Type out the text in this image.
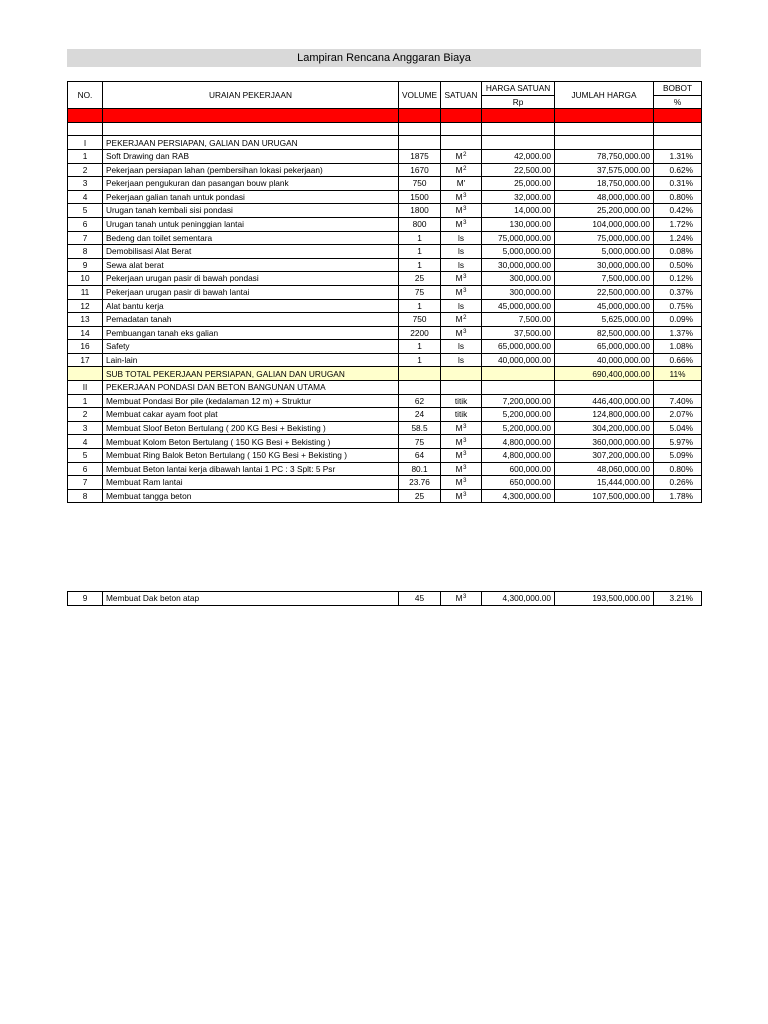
Lampiran Rencana Anggaran Biaya
NO.	URAIAN PEKERJAAN	VOLUME	SATUAN	HARGA SATUAN	JUMLAH HARGA	BOBOT
				Rp		%

I	PEKERJAAN PERSIAPAN, GALIAN DAN URUGAN					
1	Soft Drawing dan RAB	1875	$M^2$	42,000.00	78,750,000.00	1.31%
2	Pekerjaan persiapan lahan (pembersihan lokasi pekerjaan)	1670	$M^2$	22,500.00	37,575,000.00	0.62%
3	Pekerjaan pengukuran dan pasangan bouw plank	750	M'	25,000.00	18,750,000.00	0.31%
4	Pekerjaan galian tanah untuk pondasi	1500	$M^3$	32,000.00	48,000,000.00	0.80%
5	Urugan tanah kembali sisi pondasi	1800	$M^3$	14,000.00	25,200,000.00	0.42%
6	Urugan tanah untuk peninggian lantai	800	$M^3$	130,000.00	104,000,000.00	1.72%
7	Bedeng dan toilet sementara	1	ls	75,000,000.00	75,000,000.00	1.24%
8	Demobilisasi Alat Berat	1	ls	5,000,000.00	5,000,000.00	0.08%
9	Sewa alat berat	1	ls	30,000,000.00	30,000,000.00	0.50%
10	Pekerjaan urugan pasir di bawah pondasi	25	$M^3$	300,000.00	7,500,000.00	0.12%
11	Pekerjaan urugan pasir di bawah lantai	75	$M^3$	300,000.00	22,500,000.00	0.37%
12	Alat bantu kerja	1	ls	45,000,000.00	45,000,000.00	0.75%
13	Pemadatan tanah	750	$M^2$	7,500.00	5,625,000.00	0.09%
14	Pembuangan tanah eks galian	2200	$M^3$	37,500.00	82,500,000.00	1.37%
16	Safety	1	ls	65,000,000.00	65,000,000.00	1.08%
17	Lain-lain	1	ls	40,000,000.00	40,000,000.00	0.66%
	SUB TOTAL PEKERJAAN PERSIAPAN, GALIAN DAN URUGAN				690,400,000.00	11%
II	PEKERJAAN PONDASI DAN BETON BANGUNAN UTAMA					
1	Membuat Pondasi Bor pile (kedalaman 12 m) + Struktur	62	titik	7,200,000.00	446,400,000.00	7.40%
2	Membuat cakar ayam foot plat	24	titik	5,200,000.00	124,800,000.00	2.07%
3	Membuat Sloof Beton Bertulang ( 200 KG Besi + Bekisting )	58.5	$M^3$	5,200,000.00	304,200,000.00	5.04%
4	Membuat Kolom Beton Bertulang ( 150 KG Besi + Bekisting )	75	$M^3$	4,800,000.00	360,000,000.00	5.97%
5	Membuat Ring Balok Beton Bertulang ( 150 KG Besi + Bekisting )	64	$M^3$	4,800,000.00	307,200,000.00	5.09%
6	Membuat Beton lantai kerja dibawah lantai 1 PC : 3 Splt: 5 Psr	80.1	$M^3$	600,000.00	48,060,000.00	0.80%
7	Membuat Ram lantai	23.76	$M^3$	650,000.00	15,444,000.00	0.26%
8	Membuat tangga beton	25	$M^3$	4,300,000.00	107,500,000.00	1.78%
9	Membuat Dak beton atap	45	$M^3$	4,300,000.00	193,500,000.00	3.21%
